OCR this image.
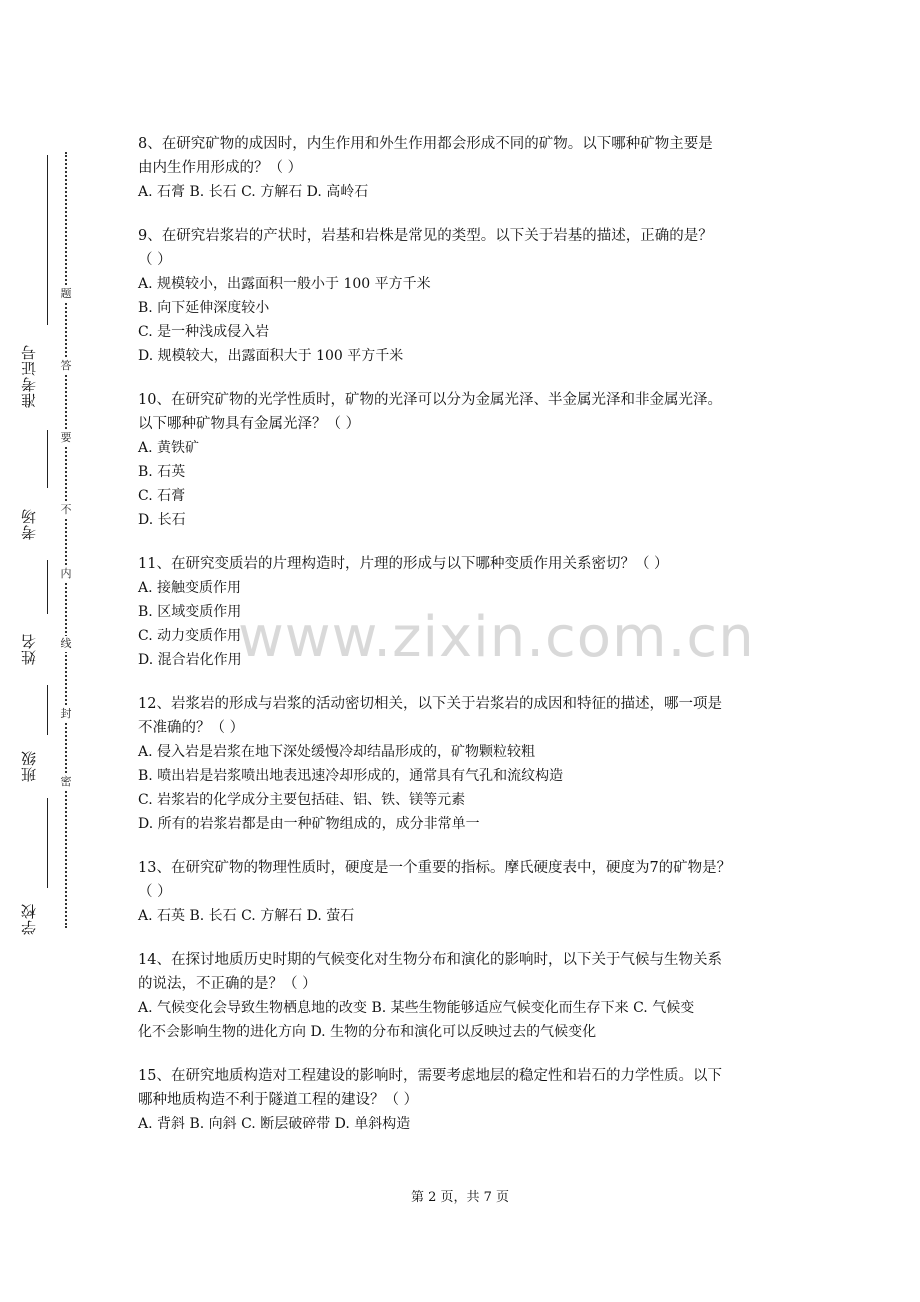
准考证号
考场
姓名
班级
学校
题
答
要
不
内
线
封
密
www.zixin.com.cn

8、在研究矿物的成因时，内生作用和外生作用都会形成不同的矿物。以下哪种矿物主要是

由内生作用形成的？（ ）

A. 石膏 B. 长石 C. 方解石 D. 高岭石

9、在研究岩浆岩的产状时，岩基和岩株是常见的类型。以下关于岩基的描述，正确的是？

（ ）

A. 规模较小，出露面积一般小于 100 平方千米

B. 向下延伸深度较小

C. 是一种浅成侵入岩

D. 规模较大，出露面积大于 100 平方千米

10、在研究矿物的光学性质时，矿物的光泽可以分为金属光泽、半金属光泽和非金属光泽。

以下哪种矿物具有金属光泽？（ ）

A. 黄铁矿

B. 石英

C. 石膏

D. 长石

11、在研究变质岩的片理构造时，片理的形成与以下哪种变质作用关系密切？（ ）

A. 接触变质作用

B. 区域变质作用

C. 动力变质作用

D. 混合岩化作用

12、岩浆岩的形成与岩浆的活动密切相关，以下关于岩浆岩的成因和特征的描述，哪一项是

不准确的？（ ）

A. 侵入岩是岩浆在地下深处缓慢冷却结晶形成的，矿物颗粒较粗

B. 喷出岩是岩浆喷出地表迅速冷却形成的，通常具有气孔和流纹构造

C. 岩浆岩的化学成分主要包括硅、铝、铁、镁等元素

D. 所有的岩浆岩都是由一种矿物组成的，成分非常单一

13、在研究矿物的物理性质时，硬度是一个重要的指标。摩氏硬度表中，硬度为7的矿物是？

（ ）

A. 石英 B. 长石 C. 方解石 D. 萤石

14、在探讨地质历史时期的气候变化对生物分布和演化的影响时，以下关于气候与生物关系

的说法，不正确的是？（ ）

A. 气候变化会导致生物栖息地的改变 B. 某些生物能够适应气候变化而生存下来 C. 气候变

化不会影响生物的进化方向 D. 生物的分布和演化可以反映过去的气候变化

15、在研究地质构造对工程建设的影响时，需要考虑地层的稳定性和岩石的力学性质。以下

哪种地质构造不利于隧道工程的建设？（ ）

A. 背斜 B. 向斜 C. 断层破碎带 D. 单斜构造

第 2 页，共 7 页
